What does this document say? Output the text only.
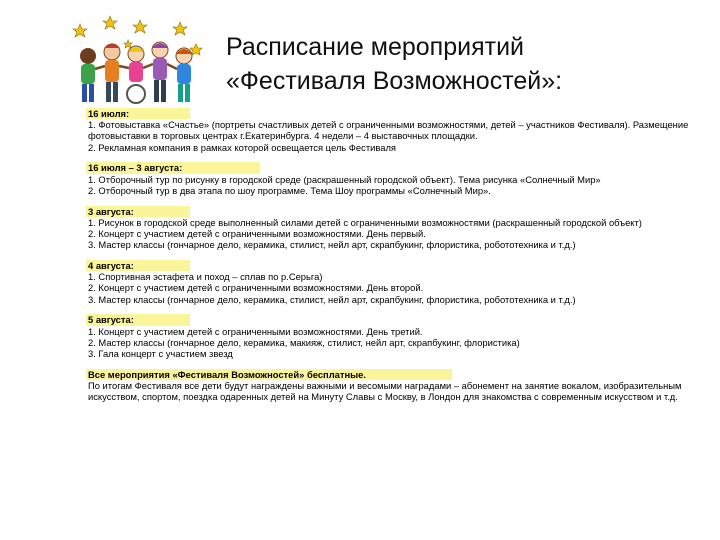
Расписание мероприятий
«Фестиваля Возможностей»:
16 июля:
1. Фотовыставка «Счастье» (портреты счастливых детей с ограниченными возможностями, детей – участников Фестиваля). Размещение фотовыставки в торговых центрах г.Екатеринбурга. 4 недели – 4 выставочных площадки.
2. Рекламная компания в рамках которой освещается цель Фестиваля
16 июля – 3 августа:
1. Отборочный тур по рисунку в городской среде (раскрашенный городской объект). Тема рисунка «Солнечный Мир»
2. Отборочный тур в два этапа по шоу программе. Тема Шоу программы «Солнечный Мир».
3 августа:
1. Рисунок в городской среде выполненный силами детей с ограниченными возможностями (раскрашенный городской объект)
2. Концерт с участием детей с ограниченными возможностями. День первый.
3. Мастер классы (гончарное дело, керамика, стилист, нейл арт, скрапбукинг, флористика, робототехника и т.д.)
4 августа:
1. Спортивная эстафета и поход – сплав по р.Серьга)
2. Концерт с участием детей с ограниченными возможностями. День второй.
3. Мастер классы (гончарное дело, керамика, стилист, нейл арт, скрапбукинг, флористика, робототехника и т.д.)
5 августа:
1. Концерт с участием детей с ограниченными возможностями. День третий.
2. Мастер классы (гончарное дело, керамика, макияж, стилист, нейл арт, скрапбукинг, флористика)
3. Гала концерт с участием звезд
Все мероприятия «Фестиваля Возможностей» бесплатные.
По итогам Фестиваля все дети будут награждены важными и весомыми наградами – абонемент на занятие вокалом, изобразительным искусством, спортом, поездка одаренных детей на Минуту Славы с Москву, в Лондон для знакомства с современным искусством и т.д.
